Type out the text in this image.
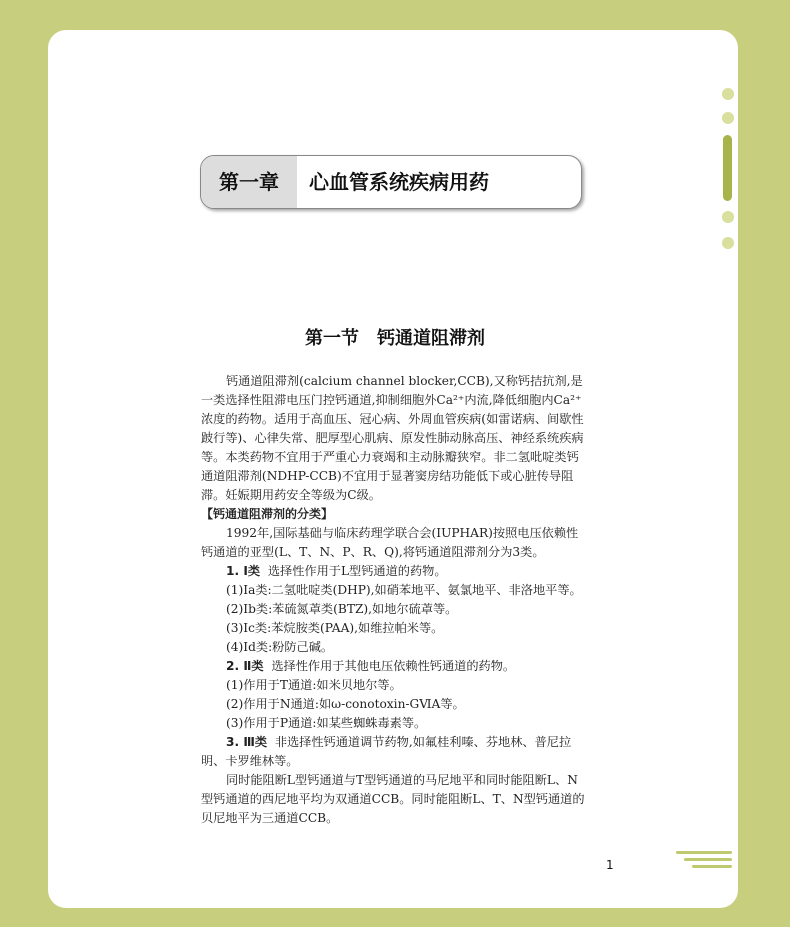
第一章	心血管系统疾病用药
第一节　钙通道阻滞剂

钙通道阻滞剂(calcium channel blocker,CCB),又称钙拮抗剂,是一类选择性阻滞电压门控钙通道,抑制细胞外Ca²⁺内流,降低细胞内Ca²⁺浓度的药物。适用于高血压、冠心病、外周血管疾病(如雷诺病、间歇性跛行等)、心律失常、肥厚型心肌病、原发性肺动脉高压、神经系统疾病等。本类药物不宜用于严重心力衰竭和主动脉瓣狭窄。非二氢吡啶类钙通道阻滞剂(NDHP-CCB)不宜用于显著窦房结功能低下或心脏传导阻滞。妊娠期用药安全等级为C级。

【钙通道阻滞剂的分类】

1992年,国际基础与临床药理学联合会(IUPHAR)按照电压依赖性钙通道的亚型(L、T、N、P、R、Q),将钙通道阻滞剂分为3类。

1. Ⅰ类 选择性作用于L型钙通道的药物。

(1)Ⅰa类:二氢吡啶类(DHP),如硝苯地平、氨氯地平、非洛地平等。

(2)Ⅰb类:苯硫氮䓬类(BTZ),如地尔硫䓬等。

(3)Ⅰc类:苯烷胺类(PAA),如维拉帕米等。

(4)Ⅰd类:粉防己碱。

2. Ⅱ类 选择性作用于其他电压依赖性钙通道的药物。

(1)作用于T通道:如米贝地尔等。

(2)作用于N通道:如ω-conotoxin-GⅥA等。

(3)作用于P通道:如某些蜘蛛毒素等。

3. Ⅲ类 非选择性钙通道调节药物,如氟桂利嗪、芬地林、普尼拉明、卡罗维林等。

同时能阻断L型钙通道与T型钙通道的马尼地平和同时能阻断L、N型钙通道的西尼地平均为双通道CCB。同时能阻断L、T、N型钙通道的贝尼地平为三通道CCB。

1
